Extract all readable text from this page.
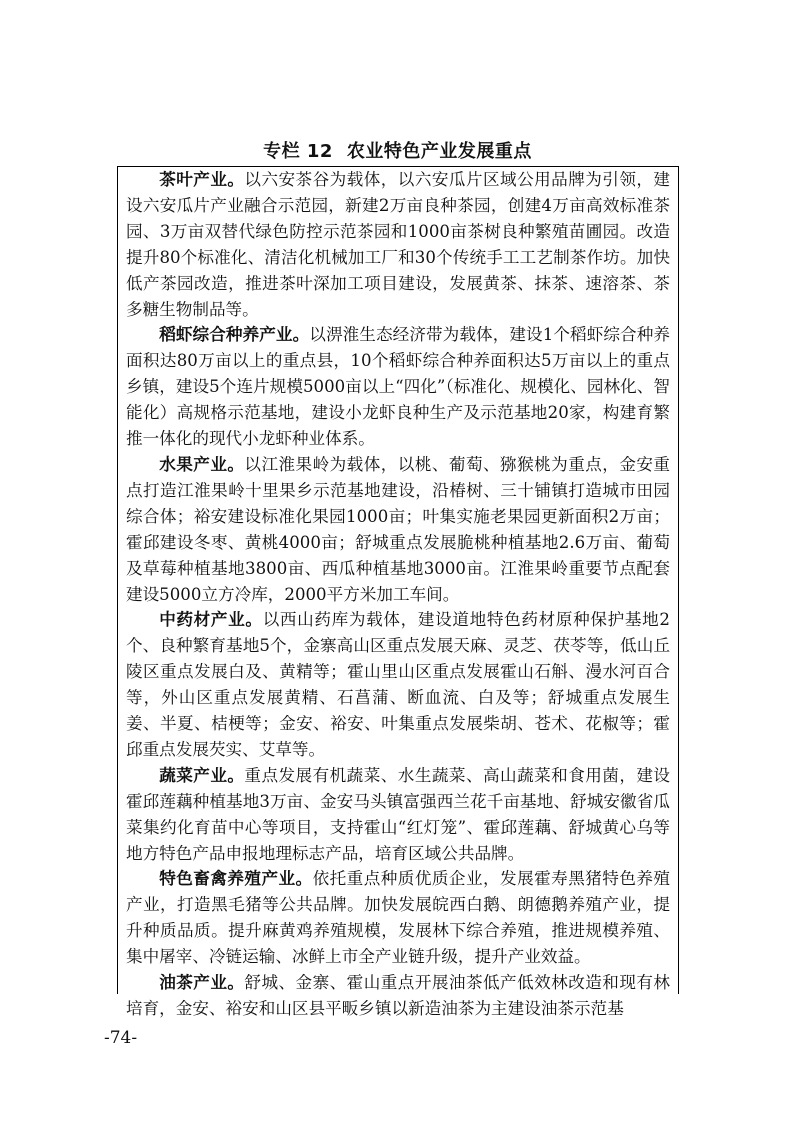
专栏 12 农业特色产业发展重点

茶叶产业。以六安茶谷为载体，以六安瓜片区域公用品牌为引领，建设六安瓜片产业融合示范园，新建2万亩良种茶园，创建4万亩高效标准茶园、3万亩双替代绿色防控示范茶园和1000亩茶树良种繁殖苗圃园。改造提升80个标准化、清洁化机械加工厂和30个传统手工工艺制茶作坊。加快低产茶园改造，推进茶叶深加工项目建设，发展黄茶、抹茶、速溶茶、茶多糖生物制品等。

稻虾综合种养产业。以淠淮生态经济带为载体，建设1个稻虾综合种养面积达80万亩以上的重点县，10个稻虾综合种养面积达5万亩以上的重点乡镇，建设5个连片规模5000亩以上“四化”（标准化、规模化、园林化、智能化）高规格示范基地，建设小龙虾良种生产及示范基地20家，构建育繁推一体化的现代小龙虾种业体系。

水果产业。以江淮果岭为载体，以桃、葡萄、猕猴桃为重点，金安重点打造江淮果岭十里果乡示范基地建设，沿椿树、三十铺镇打造城市田园综合体；裕安建设标准化果园1000亩；叶集实施老果园更新面积2万亩；霍邱建设冬枣、黄桃4000亩；舒城重点发展脆桃种植基地2.6万亩、葡萄及草莓种植基地3800亩、西瓜种植基地3000亩。江淮果岭重要节点配套建设5000立方冷库，2000平方米加工车间。

中药材产业。以西山药库为载体，建设道地特色药材原种保护基地2个、良种繁育基地5个，金寨高山区重点发展天麻、灵芝、茯苓等，低山丘陵区重点发展白及、黄精等；霍山里山区重点发展霍山石斛、漫水河百合等，外山区重点发展黄精、石菖蒲、断血流、白及等；舒城重点发展生姜、半夏、桔梗等；金安、裕安、叶集重点发展柴胡、苍术、花椒等；霍邱重点发展芡实、艾草等。

蔬菜产业。重点发展有机蔬菜、水生蔬菜、高山蔬菜和食用菌，建设霍邱莲藕种植基地3万亩、金安马头镇富强西兰花千亩基地、舒城安徽省瓜菜集约化育苗中心等项目，支持霍山“红灯笼”、霍邱莲藕、舒城黄心乌等地方特色产品申报地理标志产品，培育区域公共品牌。

特色畜禽养殖产业。依托重点种质优质企业，发展霍寿黑猪特色养殖产业，打造黑毛猪等公共品牌。加快发展皖西白鹅、朗德鹅养殖产业，提升种质品质。提升麻黄鸡养殖规模，发展林下综合养殖，推进规模养殖、集中屠宰、冷链运输、冰鲜上市全产业链升级，提升产业效益。

油茶产业。舒城、金寨、霍山重点开展油茶低产低效林改造和现有林培育，金安、裕安和山区县平畈乡镇以新造油茶为主建设油茶示范基

-74-
